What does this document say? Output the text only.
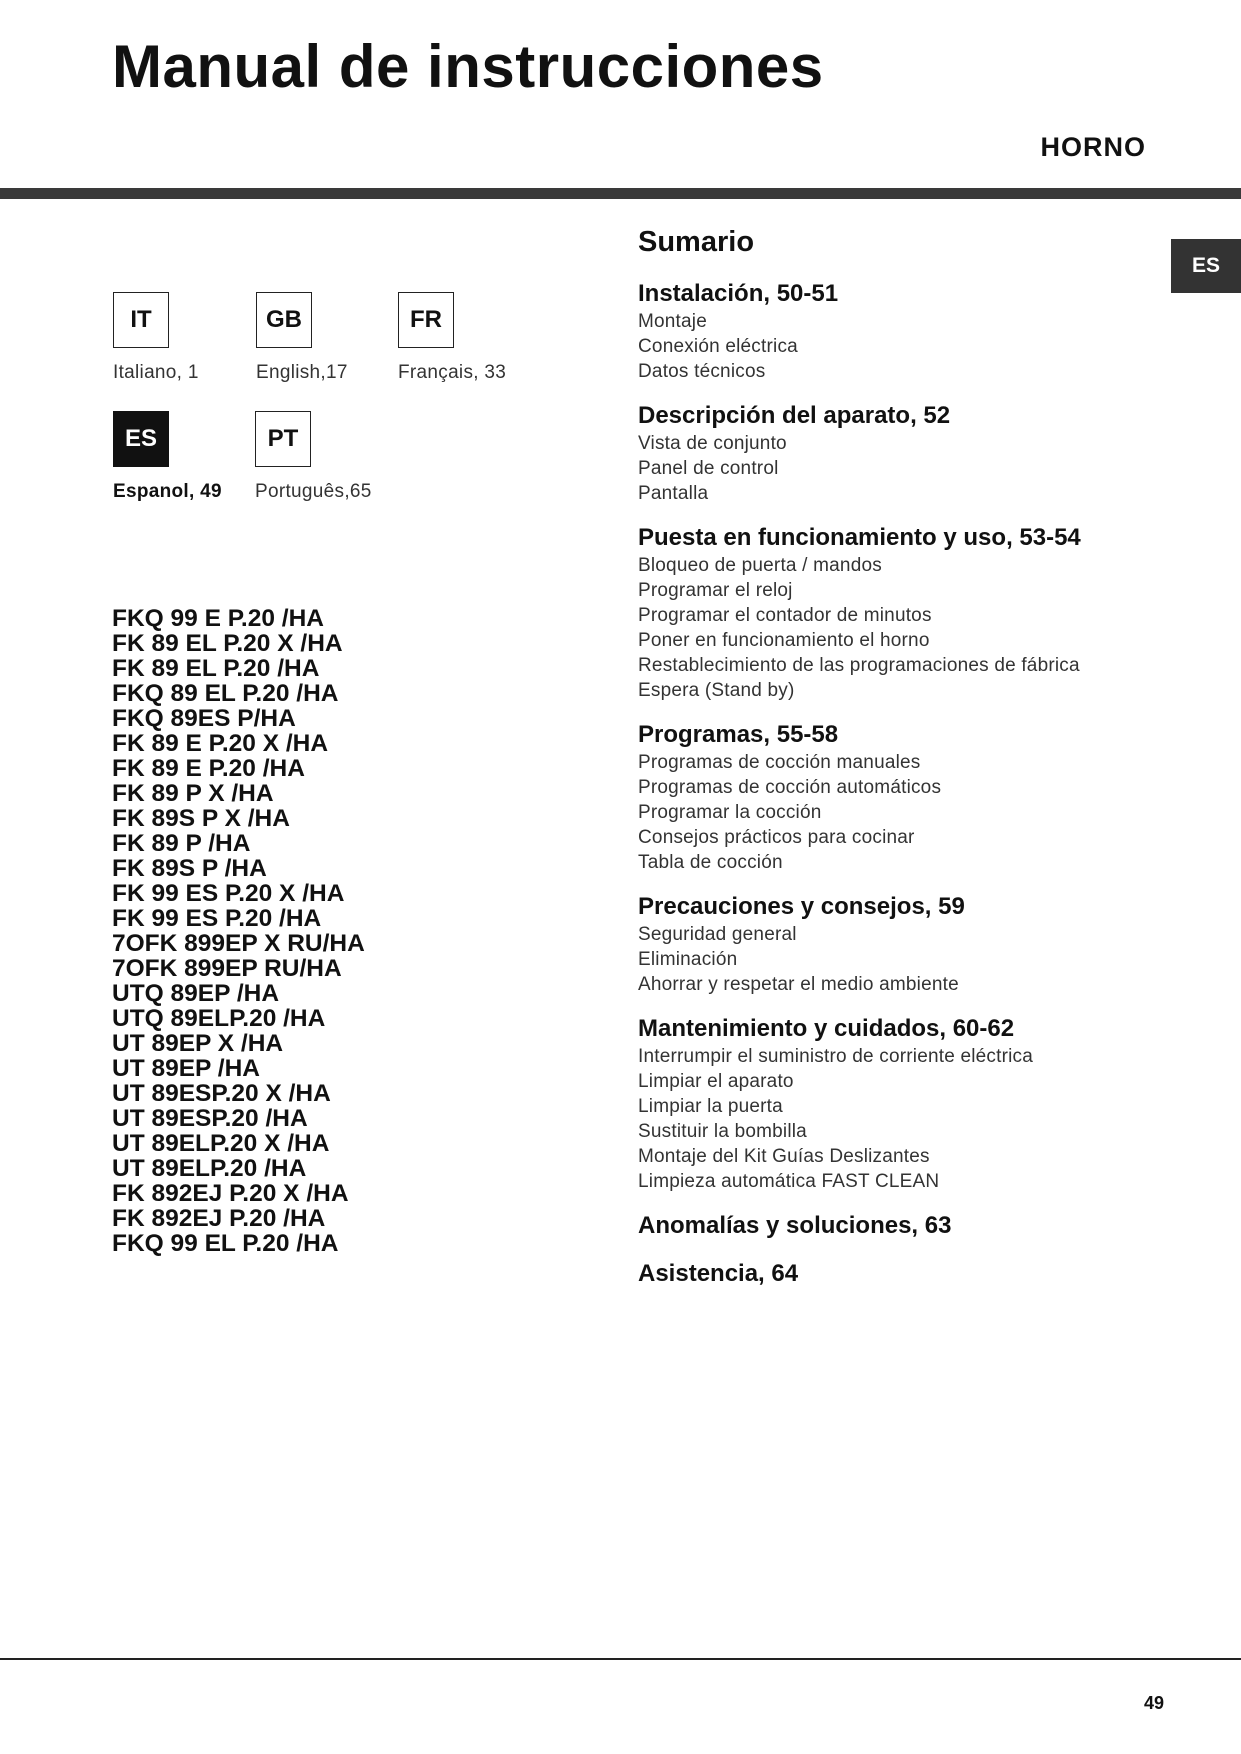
Manual de instrucciones
HORNO
ES
IT
Italiano, 1
GB
English,17
FR
Français, 33
ES
Espanol, 49
PT
Português,65
FKQ 99 E P.20 /HA
FK 89 EL P.20 X /HA
FK 89 EL P.20 /HA
FKQ 89 EL P.20 /HA
FKQ 89ES P/HA
FK 89 E P.20 X /HA
FK 89 E P.20 /HA
FK 89 P X /HA
FK 89S P X /HA
FK 89 P /HA
FK 89S P /HA
FK 99 ES P.20 X /HA
FK 99 ES P.20 /HA
7OFK 899EP X RU/HA
7OFK 899EP RU/HA
UTQ 89EP /HA
UTQ 89ELP.20 /HA
UT 89EP X /HA
UT 89EP /HA
UT 89ESP.20 X /HA
UT 89ESP.20 /HA
UT 89ELP.20 X /HA
UT 89ELP.20 /HA
FK 892EJ P.20 X /HA
FK 892EJ P.20 /HA
FKQ 99 EL P.20 /HA
Sumario
Instalación, 50-51
Montaje
Conexión eléctrica
Datos técnicos
Descripción del aparato, 52
Vista de conjunto
Panel de control
Pantalla
Puesta en funcionamiento y uso, 53-54
Bloqueo de puerta / mandos
Programar el reloj
Programar el contador de minutos
Poner en funcionamiento el horno
Restablecimiento de las programaciones de fábrica
Espera (Stand by)
Programas, 55-58
Programas de cocción manuales
Programas de cocción automáticos
Programar la cocción
Consejos prácticos para cocinar
Tabla de cocción
Precauciones y consejos, 59
Seguridad general
Eliminación
Ahorrar y respetar el medio ambiente
Mantenimiento y cuidados, 60-62
Interrumpir el suministro de corriente eléctrica
Limpiar el aparato
Limpiar la puerta
Sustituir la bombilla
Montaje del Kit Guías Deslizantes
Limpieza automática FAST CLEAN
Anomalías y soluciones, 63
Asistencia, 64
49
